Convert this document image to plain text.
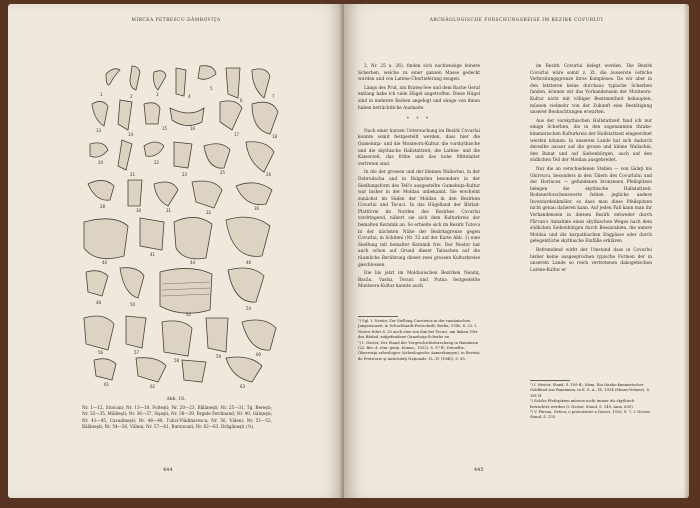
MIRCEA PETRESCU-DÂMBOVIŢA
1	2	3	4
5
6
7
13
14
15	16
17	18
20
21
22
23	25	26
28
30	31	32
36
40
41
44	46
48	50
52
54
56	57
58
59	60
61	62	63
Abb. 16.
Nr. 1—12, Stoicani; Nr. 13—18, Folteşti; Nr. 20—23, Bălăneşti; Nr. 25—31, Tg. Bereşti; Nr. 32—35, Mălăeşti; Nr. 36—37, Sişeşti; Nr. 38—39, Brgele Ferdinand; Nr. 40, Gânţeşti; Nr. 41—45, Cavadineşti; Nr. 46—48, Tulici-Vlădimirescu; Nr. 50, Văleni; Nr. 51—53, Bălăneşti; Nr. 54—56, Văleni; Nr. 57—61, Bursucani; Nr. 62—63, Drăgăneşti (½).
444
ARCHÄOLOGISCHE FORSCHUNGSREISE IM BEZIRK COVURLUI

2, Nr. 25 u. 26), finden sich nachweisige feinere Scherben, welche zu einer ganzen Masse gedeckt wurden und von Latène-Überlieferung zeugen.

Längs des Prut, am Brateş-See und dem Bache Geraf entlang habe ich viele Hügel angetroffen. Diese Hügel sind in mehrere Reihen angelegt und einige von ihnen haben beträchtliche Ausmaße.

* * *

Nach einer kurzen Untersuchung im Bezirk Covurlui konnte somit festgestellt werden, dass hier die Gumelniţa- und die Monteoru-Kultur, die vorskythische und die skythische Hallstattzeit, die Latène- und die Kaiserzeit, das frühe und das hohe Mittelalter vertreten sind.

In die der grossen und der kleinen Wallachei, in der Dobrudscha und in Bulgarien besonders in der Siedlungsform des Tell's ausgestellte Gumelniţa-Kultur war bisher in der Moldau unbekannt. Sie erscheint zunächst im Süden der Moldau in den Bezirken Covurlui und Tecuci. In das Hügelland der Bârlad-Plattform im Norden des Bezirkes Covurlui vordringend, nähert sie sich dem Kulturkreis der bemalten Keramik an. So erhielte sich im Bezirk Tutova in der nächsten Nähe der Bezirksgrenze gegen Covurlui, in Schiteni (Nr. 32 auf der Karte Abb. 1) eine Siedlung mit bemalter Keramik frei. Der Nestor hat auch schon auf Grund dieser Tatsachen auf die räumliche Berührung dieser zwei grossen Kulturkreise geschlossen.

Die bis jetzt im Moldauischen Bezirken Neamţ, Bacău, Vaslui, Tecuci und Putna festgestellte Monteoru-Kultur kannte auch

im Bezirk Covurlui belegt werden. Die Bezirk Covurlui wäre somit z. Zt. die äusserste östliche Verbreitungsgrenze ihres Komplexes. Da wir aber in den letzteren keine durchaus typische Scherben fanden, können wir das Vorhandensein der Monteoru-Kultur nicht mit völliger Bestimmtheit behaupten, müssen vielmehr von der Zukunft eine Bestätigung unserer Beobachtungen erwarten.

Aus der vorskythischen Hallstattzeit fand ich nur einige Scherben, die in den sogenannten thrako-kimmerischen Kulturkreis der Hallstattzeit eingeordnet werden können. In unserem Lande hat sich dadurch derselbe ausser auf die grosse und kleine Wallachei, den Banat und auf Siebenbürgen, auch auf den südlichen Teil der Moldau ausgebreitet.

Nur die an verschiedenen Stellen — von Galaţi bis Ghirvucu, besonders in den Tälern des Covurlului und der Horincea — gefundenen bronzenen Pfeilspitzen belegen die skythische Hallstattzeit. Bodenerforschenswerte fehlen jegliche andere Inventardenkmäler, so dass man diese Pfeilspitzen nicht genau datieren kann. Auf jeden Fall kann man ihr Vorhandensein in diesem Bezirk entweder durch Pârvan's Annahme eines skythischen Weges nach dem südlichen Siebenbürgen durch Bessarabien, die untere Moldau und die karpathischen Engpässe oder durch gelegentliche skythische Einfälle erklären.

Befremdend wirkt der Umstand dass in Covurlui bisher keine ausgesprochen typische Formen der in unserem Lande so reich vertretenen dakogetischen Latène-Kultur er

¹) Vgl. I. Nestor, Zur Stellung Cucutenis in der rumänischen Jungsteinzeit, in Schuchhardt-Festschrift, Berlin, 1940, S. 23. I. Nestor führt S. 20 auch eine von ihm bei Tecuci, am linken Ufer des Bârlad, aufgefundene Gumelniţa-Scherbe an.

²) I. Nestor, Der Stand der Vorgeschichtsforschung in Rumänien (22. Ber. d. röm.-germ. Komm., 1932), S. 97 ff.; Derselbe, Observaţii arheologice (Arheologische Anmerkungen), in Revista de Preistorie şi Antichităţi Naţionale, II—IV (1940), S. 85.

¹) I. Nestor, Stand, S. 109 ff.; Idem, Ein thrako-kimmerischer Goldfund aus Rumänien, in E. S. A., IX, 1934 (Minns-Volume), S. 181 ff.

²) Solche Pfeilspitzen müssen nicht immer als skythisch betrachtet werden (I. Nestor, Stand, S. 149, Anm. 635).

³) V. Pârvan, Getica; o protoistorie a Daciei, 1926, S. 7; I. Nestor, Stand, S. 135.

445
